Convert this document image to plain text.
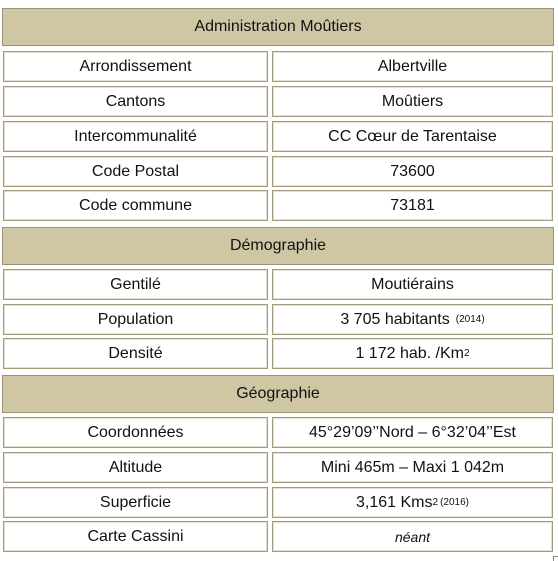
Administration Moûtiers
Arrondissement	Albertville
Cantons	Moûtiers
Intercommunalité	CC Cœur de Tarentaise
Code Postal	73600
Code commune	73181
Démographie
Gentilé	Moutiérains
Population	3 705 habitants (2014)
Densité	1 172 hab. /Km 2
Géographie
Coordonnées	45°29’09’’Nord – 6°32’04’’Est
Altitude	Mini 465m – Maxi 1 042m
Superficie	3,161 Kms 2 (2016)
Carte Cassini	néant
